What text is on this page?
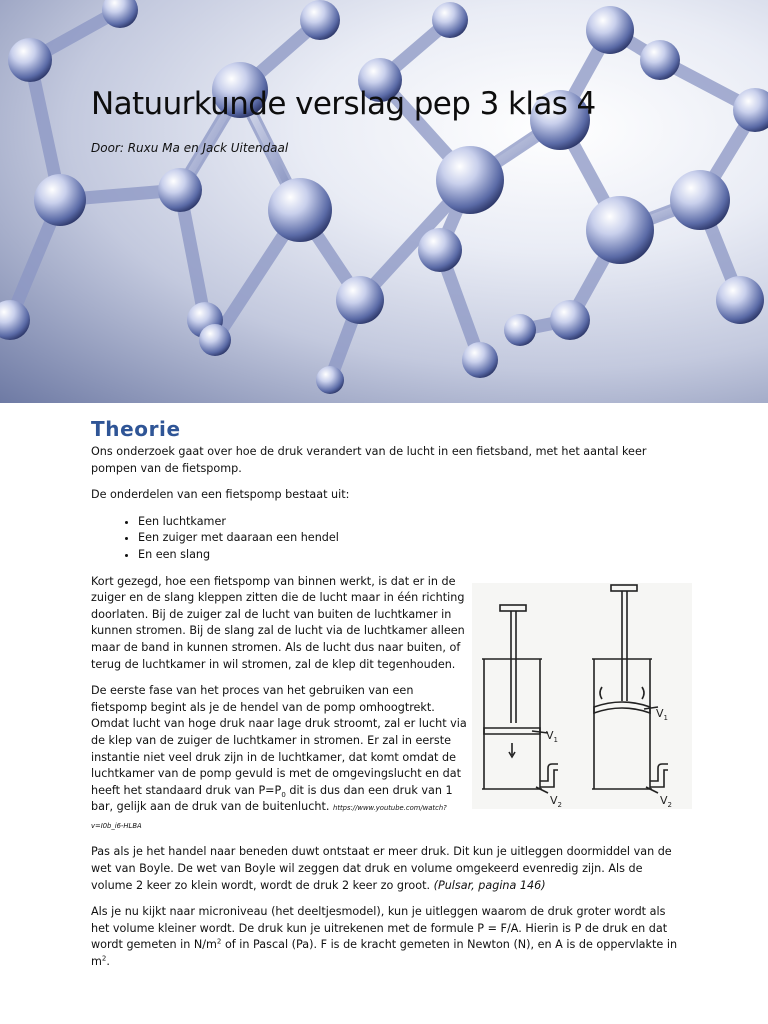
Natuurkunde verslag pep 3 klas 4

Door: Ruxu Ma en Jack Uitendaal

Theorie

Ons onderzoek gaat over hoe de druk verandert van de lucht in een fietsband, met het aantal keer pompen van de fietspomp.

De onderdelen van een fietspomp bestaat uit:

• Een luchtkamer
• Een zuiger met daaraan een hendel
• En een slang

Kort gezegd, hoe een fietspomp van binnen werkt, is dat er in de zuiger en de slang kleppen zitten die de lucht maar in één richting doorlaten. Bij de zuiger zal de lucht van buiten de luchtkamer in kunnen stromen. Bij de slang zal de lucht via de luchtkamer alleen maar de band in kunnen stromen. Als de lucht dus naar buiten, of terug de luchtkamer in wil stromen, zal de klep dit tegenhouden.

De eerste fase van het proces van het gebruiken van een fietspomp begint als je de hendel van de pomp omhoogtrekt. Omdat lucht van hoge druk naar lage druk stroomt, zal er lucht via de klep van de zuiger de luchtkamer in stromen. Er zal in eerste instantie niet veel druk zijn in de luchtkamer, dat komt omdat de luchtkamer van de pomp gevuld is met de omgevingslucht en dat heeft het standaard druk van $P=P_0$ dit is dus dan een druk van 1 bar, gelijk aan de druk van de buitenlucht. https://www.youtube.com/watch?v=I0b_i6-HLBA

Pas als je het handel naar beneden duwt ontstaat er meer druk. Dit kun je uitleggen doormiddel van de wet van Boyle. De wet van Boyle wil zeggen dat druk en volume omgekeerd evenredig zijn. Als de volume 2 keer zo klein wordt, wordt de druk 2 keer zo groot. (Pulsar, pagina 146)

Als je nu kijkt naar microniveau (het deeltjesmodel), kun je uitleggen waarom de druk groter wordt als het volume kleiner wordt. De druk kun je uitrekenen met de formule P = F/A. Hierin is P de druk en dat wordt gemeten in $N/m^2$ of in Pascal (Pa). F is de kracht gemeten in Newton (N), en A is de oppervlakte in $m^2$.

$V_1$
$V_2$
$V_1$
$V_2$
